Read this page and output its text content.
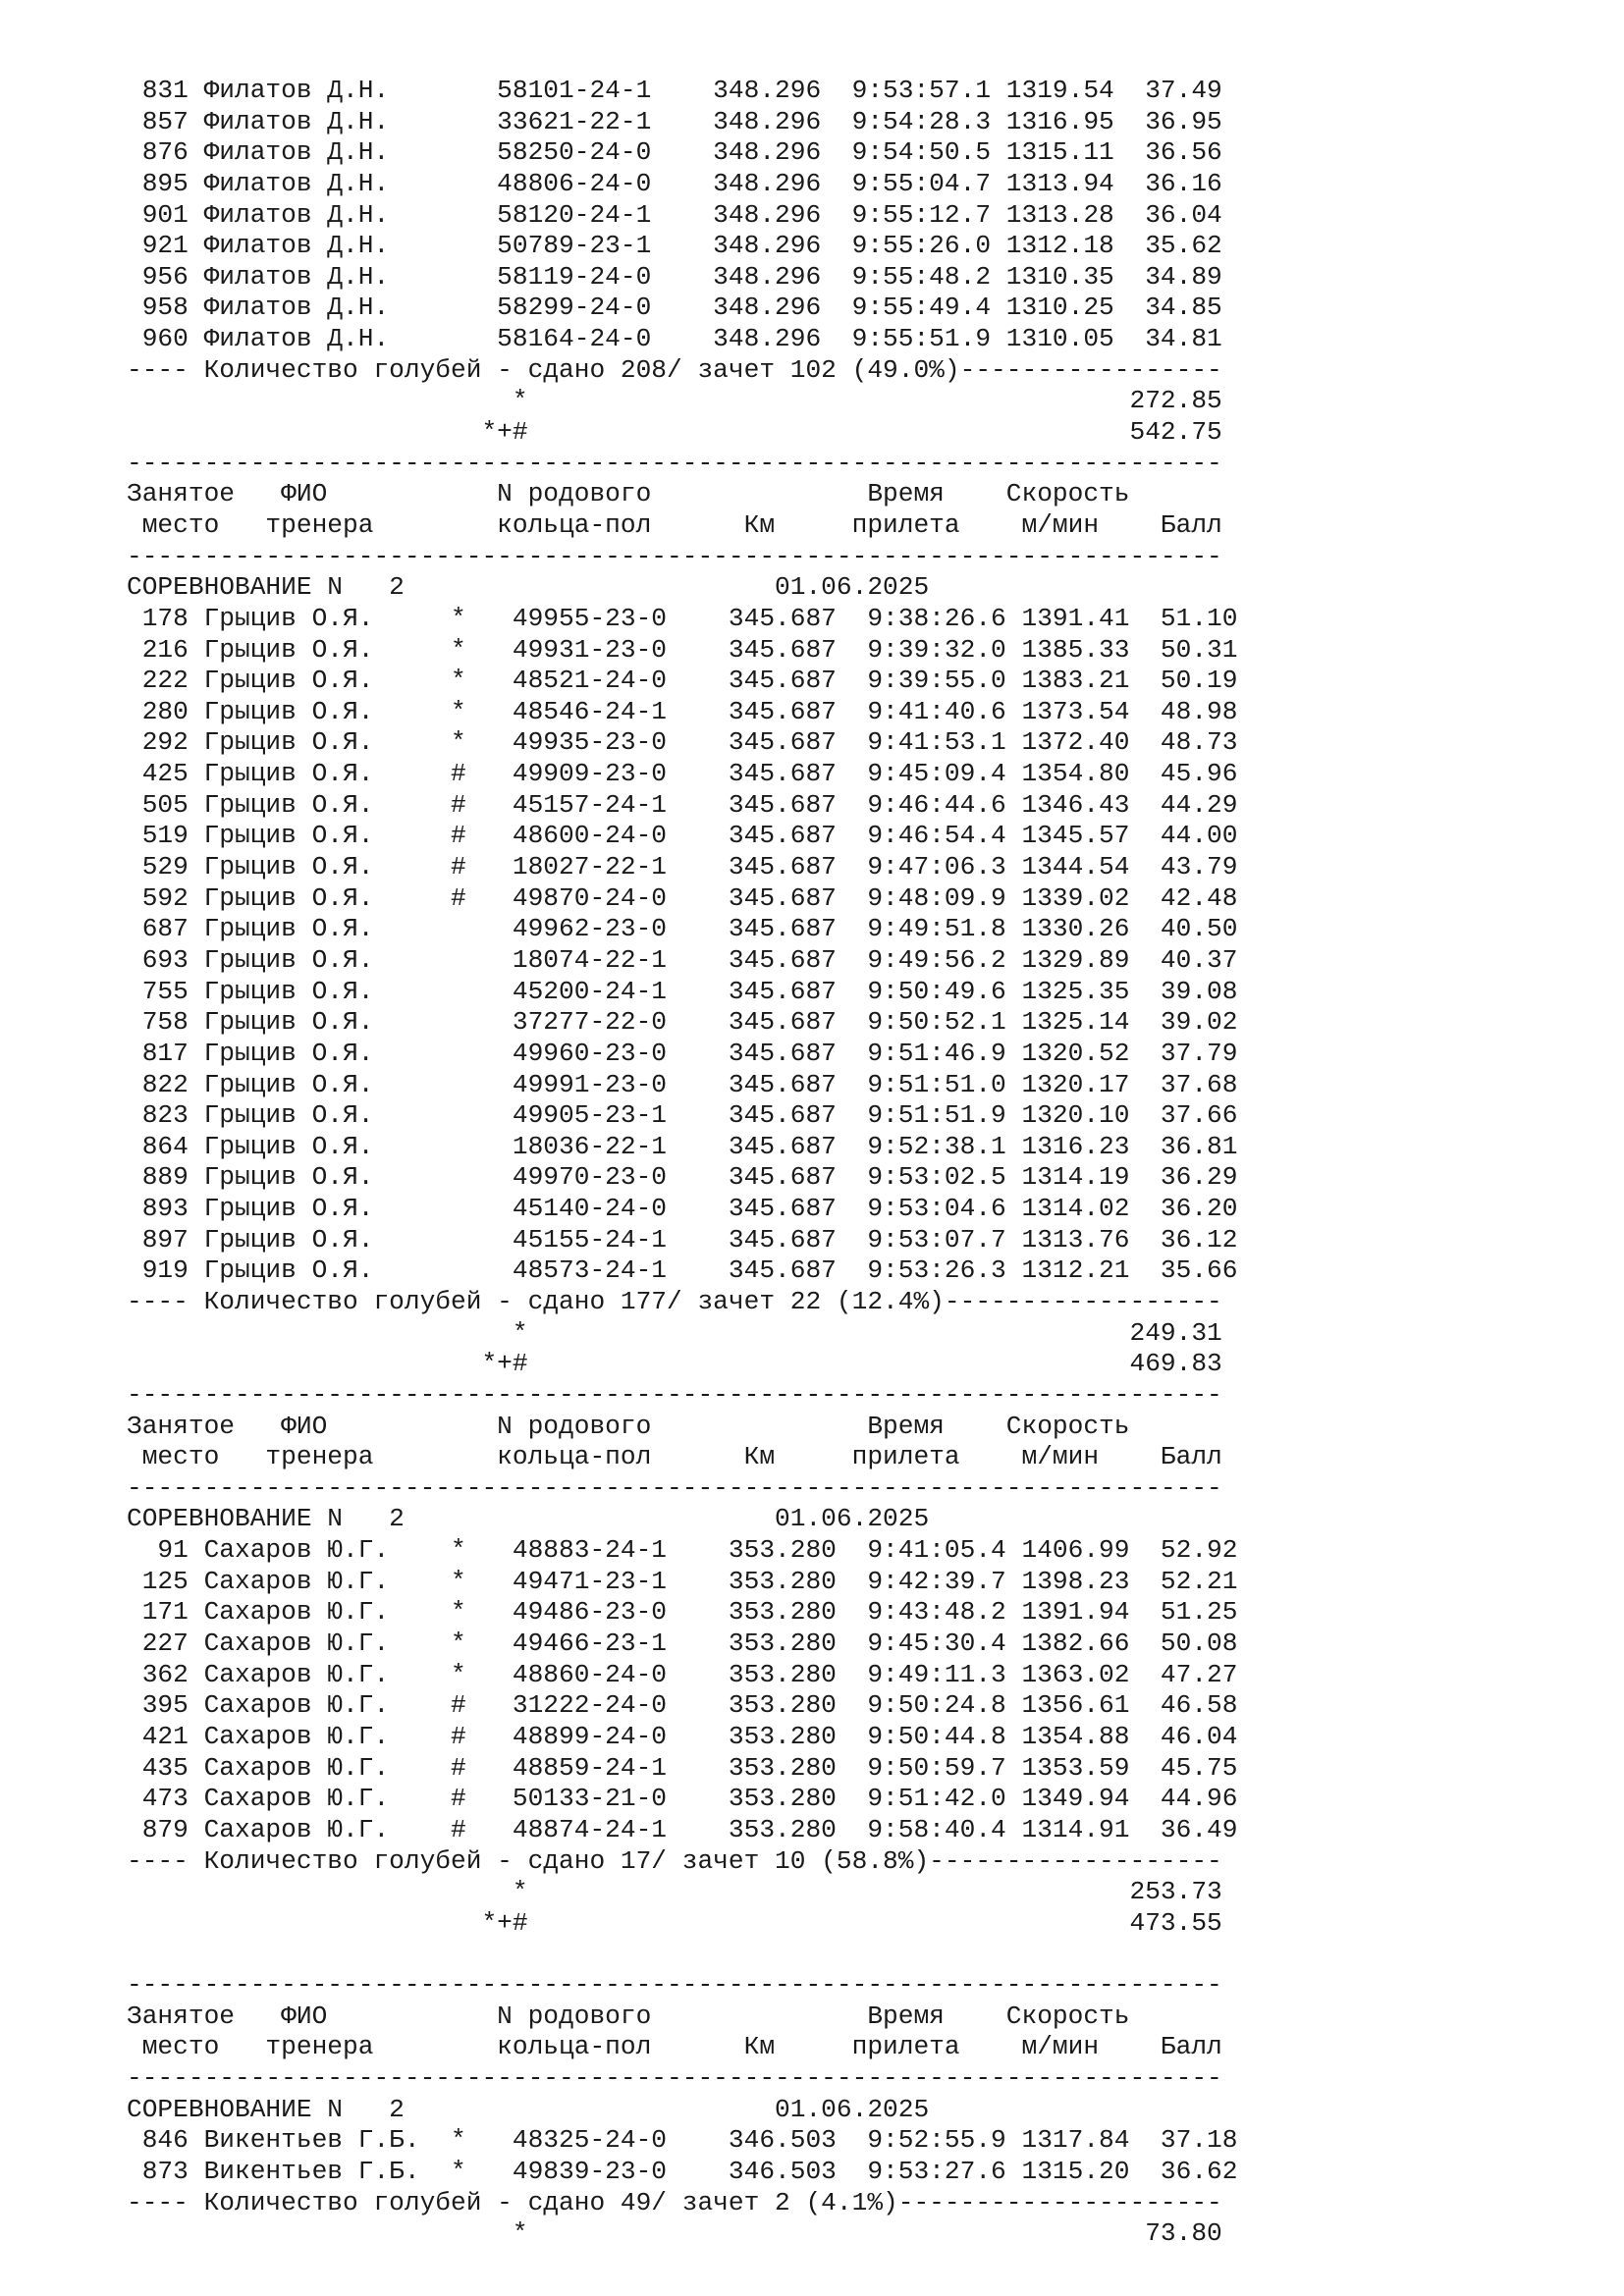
831 Филатов Д.Н.       58101-24-1    348.296  9:53:57.1 1319.54  37.49
857 Филатов Д.Н.       33621-22-1    348.296  9:54:28.3 1316.95  36.95
876 Филатов Д.Н.       58250-24-0    348.296  9:54:50.5 1315.11  36.56
895 Филатов Д.Н.       48806-24-0    348.296  9:55:04.7 1313.94  36.16
901 Филатов Д.Н.       58120-24-1    348.296  9:55:12.7 1313.28  36.04
921 Филатов Д.Н.       50789-23-1    348.296  9:55:26.0 1312.18  35.62
956 Филатов Д.Н.       58119-24-0    348.296  9:55:48.2 1310.35  34.89
958 Филатов Д.Н.       58299-24-0    348.296  9:55:49.4 1310.25  34.85
960 Филатов Д.Н.       58164-24-0    348.296  9:55:51.9 1310.05  34.81
---- Количество голубей - сдано 208/ зачет 102 (49.0%)-----------------
*                                       272.85
*+#                                       542.75
-----------------------------------------------------------------------
Занятое   ФИО           N родового              Время    Скорость
место   тренера        кольца-пол      Км     прилета    м/мин    Балл
-----------------------------------------------------------------------
СОРЕВНОВАНИЕ N   2                        01.06.2025
178 Грыцив О.Я.     *   49955-23-0    345.687  9:38:26.6 1391.41  51.10
216 Грыцив О.Я.     *   49931-23-0    345.687  9:39:32.0 1385.33  50.31
222 Грыцив О.Я.     *   48521-24-0    345.687  9:39:55.0 1383.21  50.19
280 Грыцив О.Я.     *   48546-24-1    345.687  9:41:40.6 1373.54  48.98
292 Грыцив О.Я.     *   49935-23-0    345.687  9:41:53.1 1372.40  48.73
425 Грыцив О.Я.     #   49909-23-0    345.687  9:45:09.4 1354.80  45.96
505 Грыцив О.Я.     #   45157-24-1    345.687  9:46:44.6 1346.43  44.29
519 Грыцив О.Я.     #   48600-24-0    345.687  9:46:54.4 1345.57  44.00
529 Грыцив О.Я.     #   18027-22-1    345.687  9:47:06.3 1344.54  43.79
592 Грыцив О.Я.     #   49870-24-0    345.687  9:48:09.9 1339.02  42.48
687 Грыцив О.Я.         49962-23-0    345.687  9:49:51.8 1330.26  40.50
693 Грыцив О.Я.         18074-22-1    345.687  9:49:56.2 1329.89  40.37
755 Грыцив О.Я.         45200-24-1    345.687  9:50:49.6 1325.35  39.08
758 Грыцив О.Я.         37277-22-0    345.687  9:50:52.1 1325.14  39.02
817 Грыцив О.Я.         49960-23-0    345.687  9:51:46.9 1320.52  37.79
822 Грыцив О.Я.         49991-23-0    345.687  9:51:51.0 1320.17  37.68
823 Грыцив О.Я.         49905-23-1    345.687  9:51:51.9 1320.10  37.66
864 Грыцив О.Я.         18036-22-1    345.687  9:52:38.1 1316.23  36.81
889 Грыцив О.Я.         49970-23-0    345.687  9:53:02.5 1314.19  36.29
893 Грыцив О.Я.         45140-24-0    345.687  9:53:04.6 1314.02  36.20
897 Грыцив О.Я.         45155-24-1    345.687  9:53:07.7 1313.76  36.12
919 Грыцив О.Я.         48573-24-1    345.687  9:53:26.3 1312.21  35.66
---- Количество голубей - сдано 177/ зачет 22 (12.4%)------------------
*                                       249.31
*+#                                       469.83
-----------------------------------------------------------------------
Занятое   ФИО           N родового              Время    Скорость
место   тренера        кольца-пол      Км     прилета    м/мин    Балл
-----------------------------------------------------------------------
СОРЕВНОВАНИЕ N   2                        01.06.2025
91 Сахаров Ю.Г.    *   48883-24-1    353.280  9:41:05.4 1406.99  52.92
125 Сахаров Ю.Г.    *   49471-23-1    353.280  9:42:39.7 1398.23  52.21
171 Сахаров Ю.Г.    *   49486-23-0    353.280  9:43:48.2 1391.94  51.25
227 Сахаров Ю.Г.    *   49466-23-1    353.280  9:45:30.4 1382.66  50.08
362 Сахаров Ю.Г.    *   48860-24-0    353.280  9:49:11.3 1363.02  47.27
395 Сахаров Ю.Г.    #   31222-24-0    353.280  9:50:24.8 1356.61  46.58
421 Сахаров Ю.Г.    #   48899-24-0    353.280  9:50:44.8 1354.88  46.04
435 Сахаров Ю.Г.    #   48859-24-1    353.280  9:50:59.7 1353.59  45.75
473 Сахаров Ю.Г.    #   50133-21-0    353.280  9:51:42.0 1349.94  44.96
879 Сахаров Ю.Г.    #   48874-24-1    353.280  9:58:40.4 1314.91  36.49
---- Количество голубей - сдано 17/ зачет 10 (58.8%)-------------------
*                                       253.73
*+#                                       473.55
-----------------------------------------------------------------------
Занятое   ФИО           N родового              Время    Скорость
место   тренера        кольца-пол      Км     прилета    м/мин    Балл
-----------------------------------------------------------------------
СОРЕВНОВАНИЕ N   2                        01.06.2025
846 Викентьев Г.Б.  *   48325-24-0    346.503  9:52:55.9 1317.84  37.18
873 Викентьев Г.Б.  *   49839-23-0    346.503  9:53:27.6 1315.20  36.62
---- Количество голубей - сдано 49/ зачет 2 (4.1%)---------------------
*                                        73.80
